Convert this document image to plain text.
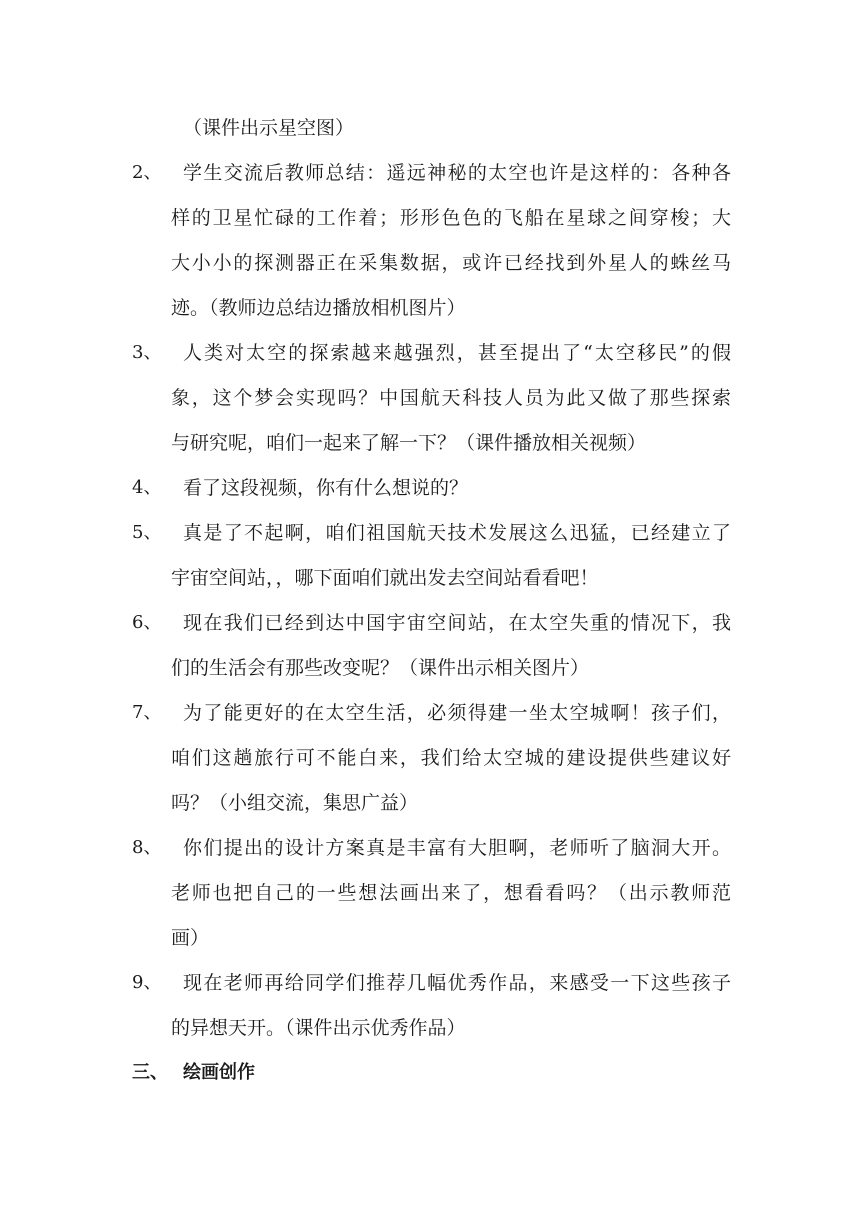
（课件出示星空图）
2、 学生交流后教师总结：遥远神秘的太空也许是这样的：各种各
样的卫星忙碌的工作着；形形色色的飞船在星球之间穿梭；大
大小小的探测器正在采集数据，或许已经找到外星人的蛛丝马
迹。（教师边总结边播放相机图片）
3、 人类对太空的探索越来越强烈，甚至提出了“太空移民”的假
象，这个梦会实现吗？中国航天科技人员为此又做了那些探索
与研究呢，咱们一起来了解一下？（课件播放相关视频）
4、 看了这段视频，你有什么想说的？
5、 真是了不起啊，咱们祖国航天技术发展这么迅猛，已经建立了
宇宙空间站，，哪下面咱们就出发去空间站看看吧！
6、 现在我们已经到达中国宇宙空间站，在太空失重的情况下，我
们的生活会有那些改变呢？（课件出示相关图片）
7、 为了能更好的在太空生活，必须得建一坐太空城啊！孩子们，
咱们这趟旅行可不能白来，我们给太空城的建设提供些建议好
吗？（小组交流，集思广益）
8、 你们提出的设计方案真是丰富有大胆啊，老师听了脑洞大开。
老师也把自己的一些想法画出来了，想看看吗？（出示教师范
画）
9、 现在老师再给同学们推荐几幅优秀作品，来感受一下这些孩子
的异想天开。（课件出示优秀作品）
三、 绘画创作
